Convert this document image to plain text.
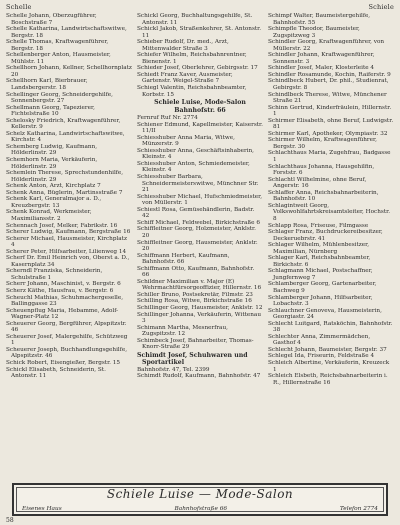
Schelle	Schiele
Schelle Johann, Oberzugführer, Boschstraße 7
Schelle Katharina, Landwirtschaftswitwe, Bergstr. 18
Schelle Thomas, Kraftwagenführer, Bergstr. 18
Schellenberger Anton, Hausmeister, Mühlstr. 11
Schellhorn Johann, Kellner, Schellhornplatz 20
Schellhorn Karl, Bierbrauer, Landsbergerstr. 18
Schellinger Georg, Schneidergehilfe, Sonnenbergstr. 27
Schellmann Georg, Tapezierer, Fichtelstraße 10
Schelosky Friedrich, Kraftwagenführer, Kellerstr. 9
Schelz Katharina, Landwirtschaftswitwe, Kirchstr. 4
Schemberg Ludwig, Kaufmann, Hölderlinstr. 29
Schemhorn Maria, Verkäuferin, Hölderlinstr. 29
Schemlein Therese, Sprechstundenhilfe, Hölderlinstr. 29
Schenk Anton, Arzt, Kirchplatz 7
Schenk Anna, Büglerin, Martinsstraße 7
Schenk Karl, Generalmajor a. D., Kreuzbergstr. 13
Schenk Konrad, Werkmeister, Maximiliansstr. 2
Schennach Josef, Melker, Fabrikstr. 16
Scherer Ludwig, Kaufmann, Bergstraße 16
Scherer Michael, Hausmeister, Kirchplatz 4
Scherer Peter, Hilfsarbeiter, Lilienweg 14
Scherf Dr. Emil Heinrich von, Oberst a. D., Kasernplatz 34
Scherndl Franziska, Schneiderin, Schulstraße 1
Scherr Johann, Maschinist, v. Bergstr. 6
Scherz Käthe, Hausfrau, v. Bergstr. 6
Scheuchl Mathias, Schuhmachergeselle, Ballinggasse 23
Scheuenpflug Maria, Hebamme, Adolf-Wagner-Platz 12
Scheuerer Georg, Bergführer, Alpspitzstr. 46
Scheuerer Josef, Malergehilfe, Schützweg 1
Scheuerer Joseph, Buchhandlungsgehilfe, Alpspitzstr. 46
Schick Robert, Eisengießer, Bergstr. 15
Schickl Elisabeth, Schneiderin, St. Antonstr. 11
Schickl Georg, Buchhaltungsgehilfe, St. Antonstr. 11
Schickl Jakob, Straßenkehrer, St. Antonstr. 11
Schieber Rudolf, Dr. med., Arzt, Mittenwalder Straße 3
Schiefer Wilhelm, Reichsbahnrentner, Bienenstr. 1
Schieder Josef, Oberlehrer, Gebirgsstr. 17
Schiedt Franz Xaver, Ausmeister, Gartenstr. Weigel-Straße 7
Schiegl Valentin, Reichsbahnbeamter, Korbstr. 15
Schiele Luise, Mode-Salon
Bahnhofstr. 66
Fernruf Ruf Nr. 2774
Schiener Edmund, Kapellmeister, Kaiserstr. 11/II
Schiesshuber Anna Maria, Witwe, Münzerstr. 9
Schiesshuber Anna, Geschäftsinhaberin, Kleinstr. 4
Schiesshuber Anton, Schmiedemeister, Kleinstr. 4
Schiesshuber Barbara, Schneidermeisterswitwe, Münchner Str. 21
Schiesshuber Michael, Hufschmiedmeister, von Müllerstr. 1
Schiestl Rosa, Gemüsehändlerin, Badstr. 42
Schiff Michael, Feldwebel, Birkichstraße 6
Schiffleitner Georg, Holzmeister, Anklstr. 20
Schiffleitner Georg, Hausmeister, Anklstr. 20
Schiffmann Herbert, Kaufmann, Bahnhofstr. 66
Schiffmann Otto, Kaufmann, Bahnhofstr. 66
Schildner Maximilian v. Major (E) Wehrmachtfürsorgeoffizier, Hillernstr. 16
Schiller Bruno, Postsekretär, Filmstr. 23
Schilling Rosa, Witwe, Birkichstraße 16
Schillinger Georg, Hausmeister, Anklstr. 12
Schillinger Johanna, Verkäuferin, Wittenau 3
Schimann Martha, Mesnerfrau, Zugspitzstr. 12
Schimbeck Josef, Bahnarbeiter, Thomas-Knorr-Straße 29
Schimdt Josef, Schuhwaren und Sportartikel
Bahnhofstr. 47, Tel. 2399
Schimdt Rudolf, Kaufmann, Bahnhofstr. 47
Schimpf Walter, Baumeistergehilfe, Bahnhofstr. 55
Schimpfle Theodor, Baumeister, Zugspitzweg 3
Schindler Georg, Kraftwagenführer, von Müllerstr. 22
Schindler Johann, Kraftwagenführer, Sonnenstr. 3
Schindler Josef, Maler, Klosterleite 4
Schindler Rosamunde, Kochin, Raiferstr. 9
Schindlbeck Hubert, Dr. phil., Studienrat, Gebirgstr. 8
Schindlbeck Therese, Witwe, Münchener Straße 21
Schinn Gertrud, Kinderfräulein, Hillernstr. 1
Schirmer Elisabeth, ohne Beruf, Ludwigstr. 81
Schirmer Karl, Apotheker, Olympiastr. 32
Schirmer Wilhelm, Kraftwagenführer, Bergstr. 30
Schlachthaus Maria, Zugehfrau, Badgasse 1
Schlachthaus Johanna, Hausgehilfin, Forststr. 6
Schlachtl Wilhelmine, ohne Beruf, Angerstr. 16
Schlaffer Anna, Reichsbahnarbeiterin, Bahnhofstr. 10
Schlagintweit Georg, Volkswohlfahrtskreisamtsleiter, Hochstr. 8
Schlapp Rosa, Friseuse, Filmgasse
Schlager Franz, Buchdruckereibesitzer, Deckeruebrstr. 41
Schlager Wilhelm, Mühlenbesitzer, Maximilian, Nürnberg
Schlager Karl, Reichsbahnbeamter, Birkichstr. 6
Schlagmann Michael, Postschaffner, Jungfernweg 7
Schlamberger Georg, Gartenarbeiter, Bachweg 9
Schlamberger Johann, Hilfsarbeiter, Lobachstr. 3
Schlauchner Genoveva, Hausmeisterin, Georgiastr. 24
Schlecht Luitgard, Ratsköchin, Bahnhofstr. 38
Schlechter Anna, Zimmermädchen, Gasthof 4
Schlecht Johann, Baumeister, Bergstr. 37
Schlegel Ida, Friseurin, Feldstraße 4
Schleich Albertine, Verkäuferin, Kreuzeck 1
Schleich Elsbeth, Reichsbahnarbeiterin i. R., Hillernstraße 16
Schiele Luise — Mode-Salon
Eisenes Haus	Bahnhofstraße 66	Telefon 2774
58
